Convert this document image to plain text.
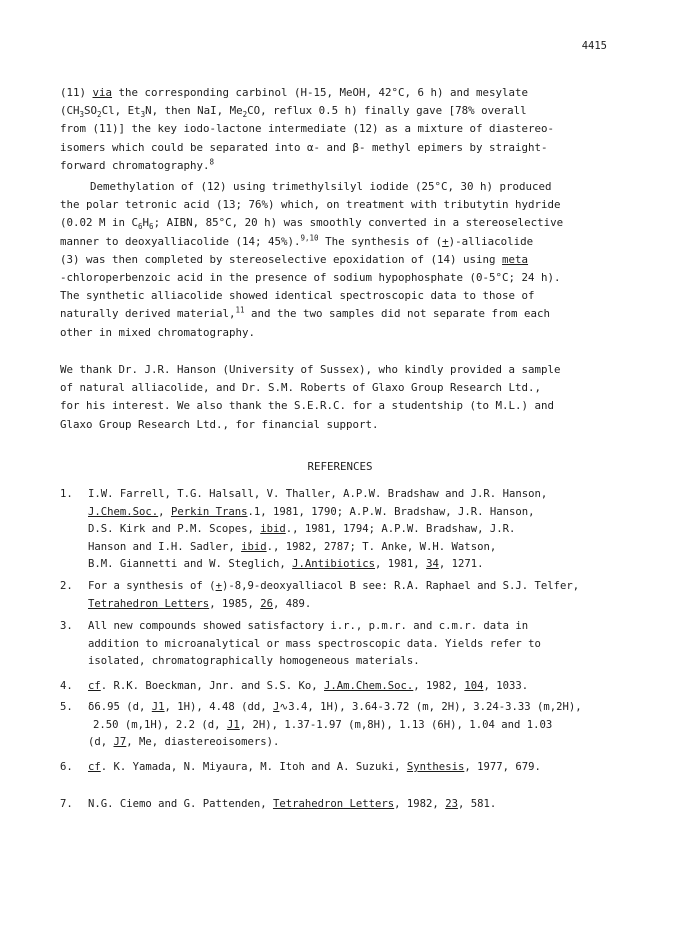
4415

(11) via the corresponding carbinol (H-15, MeOH, 42°C, 6 h) and mesylate

($CH_3SO_2Cl$, $Et_3N$, then NaI, $Me_2CO$, reflux 0.5 h) finally gave [78% overall

from (11)] the key iodo-lactone intermediate (12) as a mixture of diastereo-

isomers which could be separated into α- and β- methyl epimers by straight-

forward chromatography.$^8$

Demethylation of (12) using trimethylsilyl iodide (25°C, 30 h) produced

the polar tetronic acid (13; 76%) which, on treatment with tributytin hydride

(0.02 M in $C_6H_6$; AIBN, 85°C, 20 h) was smoothly converted in a stereoselective

manner to deoxyalliacolide (14; 45%).$^{9,10}$ The synthesis of (+)-alliacolide

(3) was then completed by stereoselective epoxidation of (14) using meta

-chloroperbenzoic acid in the presence of sodium hypophosphate (0-5°C; 24 h).

The synthetic alliacolide showed identical spectroscopic data to those of

naturally derived material,$^{11}$ and the two samples did not separate from each

other in mixed chromatography.

We thank Dr. J.R. Hanson (University of Sussex), who kindly provided a sample

of natural alliacolide, and Dr. S.M. Roberts of Glaxo Group Research Ltd.,

for his interest. We also thank the S.E.R.C. for a studentship (to M.L.) and

Glaxo Group Research Ltd., for financial support.

REFERENCES
1. I.W. Farrell, T.G. Halsall, V. Thaller, A.P.W. Bradshaw and J.R. Hanson,

J.Chem.Soc., Perkin Trans.1, 1981, 1790; A.P.W. Bradshaw, J.R. Hanson,

D.S. Kirk and P.M. Scopes, ibid., 1981, 1794; A.P.W. Bradshaw, J.R.

Hanson and I.H. Sadler, ibid., 1982, 2787; T. Anke, W.H. Watson,

B.M. Giannetti and W. Steglich, J.Antibiotics, 1981, 34, 1271.

2. For a synthesis of (+)-8,9-deoxyalliacol B see: R.A. Raphael and S.J. Telfer,

Tetrahedron Letters, 1985, 26, 489.

3. All new compounds showed satisfactory i.r., p.m.r. and c.m.r. data in

addition to microanalytical or mass spectroscopic data. Yields refer to

isolated, chromatographically homogeneous materials.

4. cf. R.K. Boeckman, Jnr. and S.S. Ko, J.Am.Chem.Soc., 1982, 104, 1033.

5. δ6.95 (d, J1, 1H), 4.48 (dd, J∿3.4, 1H), 3.64-3.72 (m, 2H), 3.24-3.33 (m,2H),

2.50 (m,1H), 2.2 (d, J1, 2H), 1.37-1.97 (m,8H), 1.13 (6H), 1.04 and 1.03

(d, J7, Me, diastereoisomers).

6. cf. K. Yamada, N. Miyaura, M. Itoh and A. Suzuki, Synthesis, 1977, 679.

7. N.G. Ciemo and G. Pattenden, Tetrahedron Letters, 1982, 23, 581.
